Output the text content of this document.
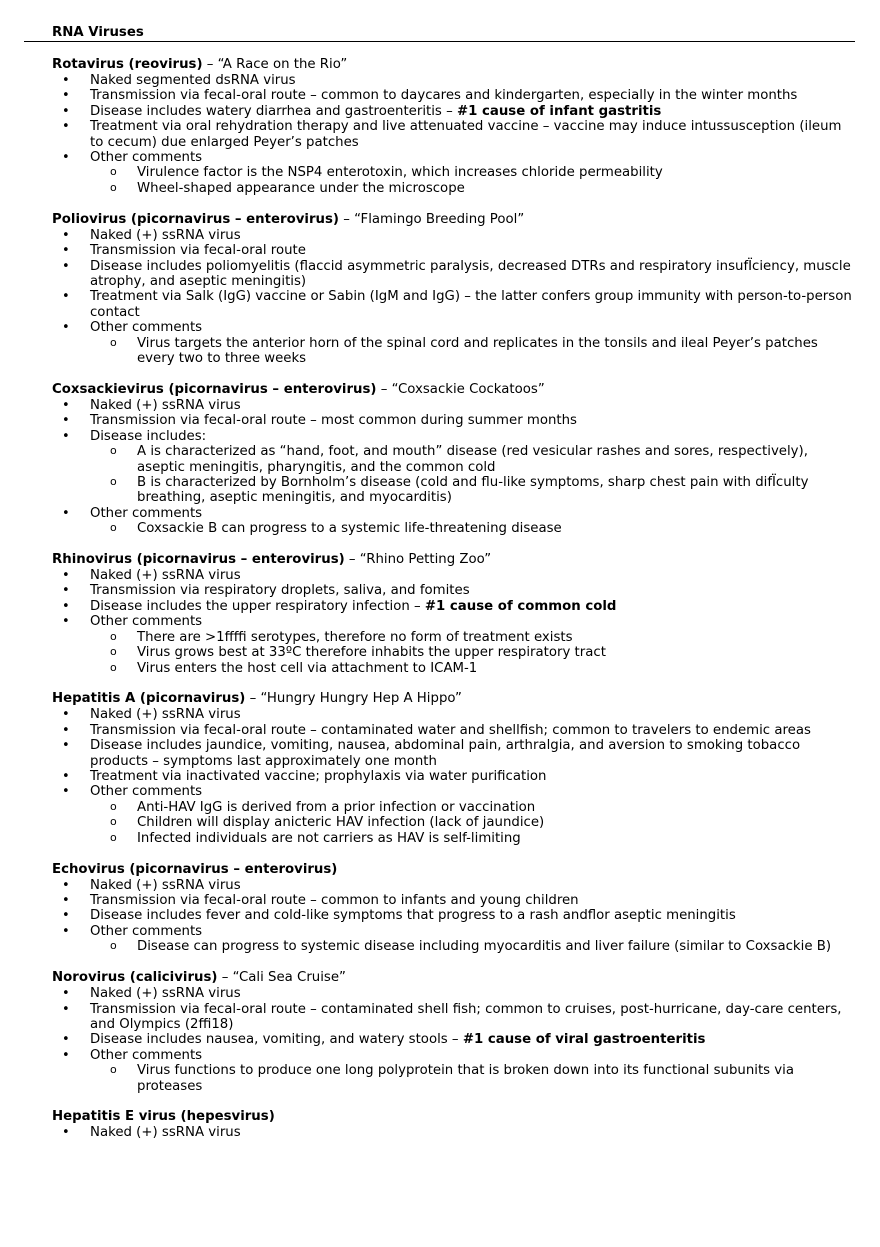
RNA Viruses
Rotavirus (reovirus) – “A Race on the Rio”
• Naked segmented dsRNA virus
• Transmission via fecal-oral route – common to daycares and kindergarten, especially in the winter months
• Disease includes watery diarrhea and gastroenteritis – #1 cause of infant gastritis
• Treatment via oral rehydration therapy and live attenuated vaccine – vaccine may induce intussusception (ileum to cecum) due enlarged Peyer’s patches
• Other comments
o Virulence factor is the NSP4 enterotoxin, which increases chloride permeability
o Wheel-shaped appearance under the microscope
Poliovirus (picornavirus – enterovirus) – “Flamingo Breeding Pool”
• Naked (+) ssRNA virus
• Transmission via fecal-oral route
• Disease includes poliomyelitis (flaccid asymmetric paralysis, decreased DTRs and respiratory insufÏciency, muscle atrophy, and aseptic meningitis)
• Treatment via Salk (IgG) vaccine or Sabin (IgM and IgG) – the latter confers group immunity with person-to-person contact
• Other comments
o Virus targets the anterior horn of the spinal cord and replicates in the tonsils and ileal Peyer’s patches every two to three weeks
Coxsackievirus (picornavirus – enterovirus) – “Coxsackie Cockatoos”
• Naked (+) ssRNA virus
• Transmission via fecal-oral route – most common during summer months
• Disease includes:
o A is characterized as “hand, foot, and mouth” disease (red vesicular rashes and sores, respectively), aseptic meningitis, pharyngitis, and the common cold
o B is characterized by Bornholm’s disease (cold and flu-like symptoms, sharp chest pain with difÏculty breathing, aseptic meningitis, and myocarditis)
• Other comments
o Coxsackie B can progress to a systemic life-threatening disease
Rhinovirus (picornavirus – enterovirus) – “Rhino Petting Zoo”
• Naked (+) ssRNA virus
• Transmission via respiratory droplets, saliva, and fomites
• Disease includes the upper respiratory infection – #1 cause of common cold
• Other comments
o There are >1ﬀﬃ serotypes, therefore no form of treatment exists
o Virus grows best at 33ºC therefore inhabits the upper respiratory tract
o Virus enters the host cell via attachment to ICAM-1
Hepatitis A (picornavirus) – “Hungry Hungry Hep A Hippo”
• Naked (+) ssRNA virus
• Transmission via fecal-oral route – contaminated water and shellfish; common to travelers to endemic areas
• Disease includes jaundice, vomiting, nausea, abdominal pain, arthralgia, and aversion to smoking tobacco products – symptoms last approximately one month
• Treatment via inactivated vaccine; prophylaxis via water purification
• Other comments
o Anti-HAV IgG is derived from a prior infection or vaccination
o Children will display anicteric HAV infection (lack of jaundice)
o Infected individuals are not carriers as HAV is self-limiting
Echovirus (picornavirus – enterovirus)
• Naked (+) ssRNA virus
• Transmission via fecal-oral route – common to infants and young children
• Disease includes fever and cold-like symptoms that progress to a rash andﬂor aseptic meningitis
• Other comments
o Disease can progress to systemic disease including myocarditis and liver failure (similar to Coxsackie B)
Norovirus (calicivirus) – “Cali Sea Cruise”
• Naked (+) ssRNA virus
• Transmission via fecal-oral route – contaminated shell fish; common to cruises, post-hurricane, day-care centers, and Olympics (2ﬃ18)
• Disease includes nausea, vomiting, and watery stools – #1 cause of viral gastroenteritis
• Other comments
o Virus functions to produce one long polyprotein that is broken down into its functional subunits via proteases
Hepatitis E virus (hepesvirus)
• Naked (+) ssRNA virus
